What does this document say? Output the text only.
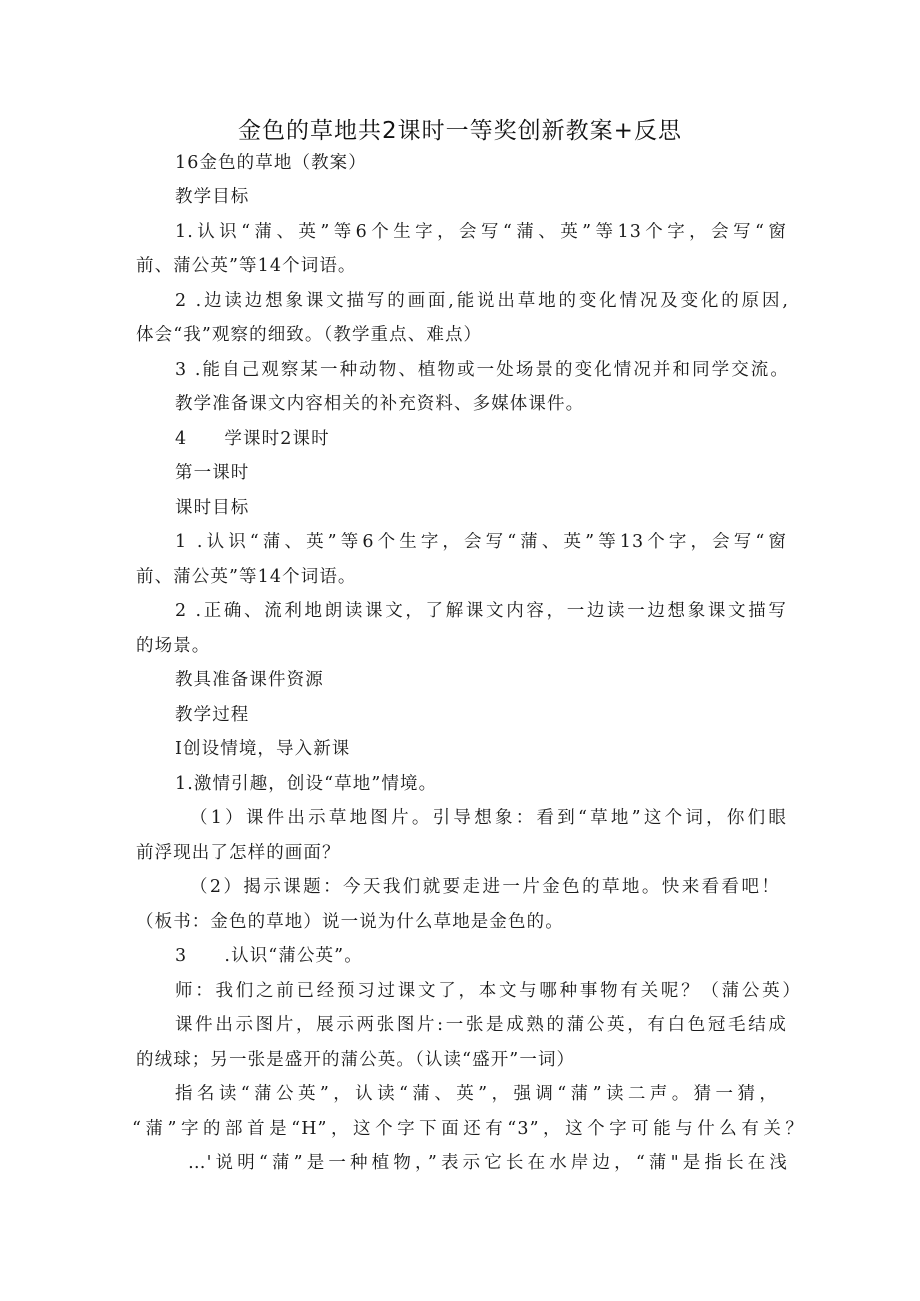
金色的草地共2课时一等奖创新教案+反思
16金色的草地（教案）
教学目标
1.认识“蒲、英”等6个生字，会写“蒲、英”等13个字，会写“窗
前、蒲公英”等14个词语。
2 .边读边想象课文描写的画面,能说出草地的变化情况及变化的原因,
体会“我”观察的细致。（教学重点、难点）
3 .能自己观察某一种动物、植物或一处场景的变化情况并和同学交流。
教学准备课文内容相关的补充资料、多媒体课件。
4　　学课时2课时
第一课时
课时目标
1 .认识“蒲、英”等6个生字，会写“蒲、英”等13个字，会写“窗
前、蒲公英”等14个词语。
2 .正确、流利地朗读课文，了解课文内容，一边读一边想象课文描写
的场景。
教具准备课件资源
教学过程
I创设情境，导入新课
1.激情引趣，创设“草地”情境。
（1）课件出示草地图片。引导想象：看到“草地”这个词，你们眼
前浮现出了怎样的画面？
（2）揭示课题：今天我们就要走进一片金色的草地。快来看看吧！
（板书：金色的草地）说一说为什么草地是金色的。
3　　.认识“蒲公英”。
师：我们之前已经预习过课文了，本文与哪种事物有关呢？（蒲公英）
课件出示图片，展示两张图片:一张是成熟的蒲公英，有白色冠毛结成
的绒球；另一张是盛开的蒲公英。（认读“盛开”一词）
指名读“蒲公英”，认读“蒲、英”，强调“蒲”读二声。猜一猜，
“蒲”字的部首是“H”，这个字下面还有“3”，这个字可能与什么有关？
…'说明“蒲”是一种植物，”表示它长在水岸边，“蒲"是指长在浅
